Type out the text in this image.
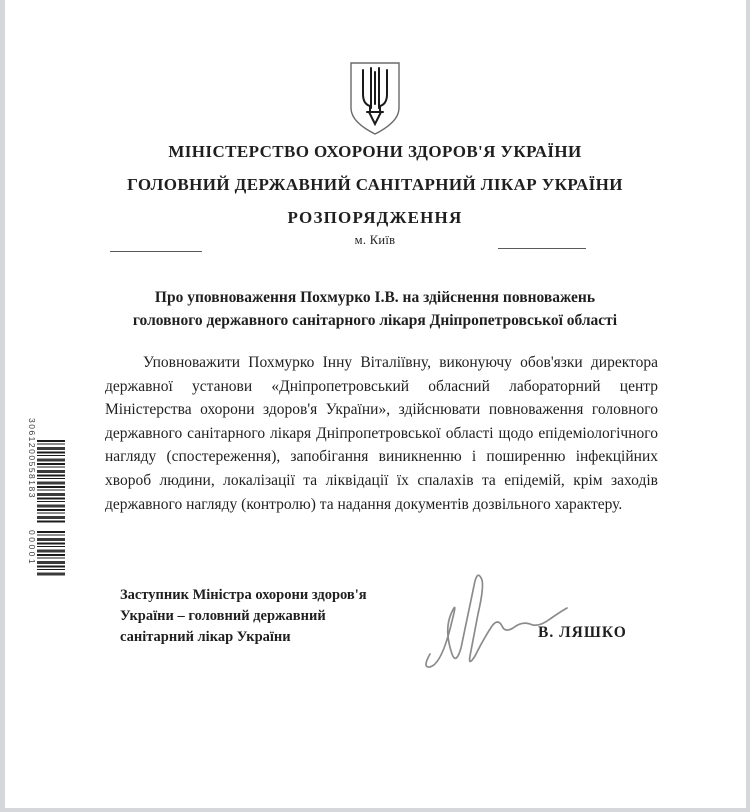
МІНІСТЕРСТВО ОХОРОНИ ЗДОРОВ'Я УКРАЇНИ
ГОЛОВНИЙ ДЕРЖАВНИЙ САНІТАРНИЙ ЛІКАР УКРАЇНИ
РОЗПОРЯДЖЕННЯ
м. Київ
Про уповноваження Похмурко І.В. на здійснення повноважень
головного державного санітарного лікаря Дніпропетровської області

Уповноважити Похмурко Інну Віталіївну, виконуючу обов'язки директора державної установи «Дніпропетровський обласний лабораторний центр Міністерства охорони здоров'я України», здійснювати повноваження головного державного санітарного лікаря Дніпропетровської області щодо епідеміологічного нагляду (спостереження), запобігання виникненню і поширенню інфекційних хвороб людини, локалізації та ліквідації їх спалахів та епідемій, крім заходів державного нагляду (контролю) та надання документів дозвільного характеру.

Заступник Міністра охорони здоров'я
України – головний державний
санітарний лікар України	В. ЛЯШКО
3061200558183
00001
